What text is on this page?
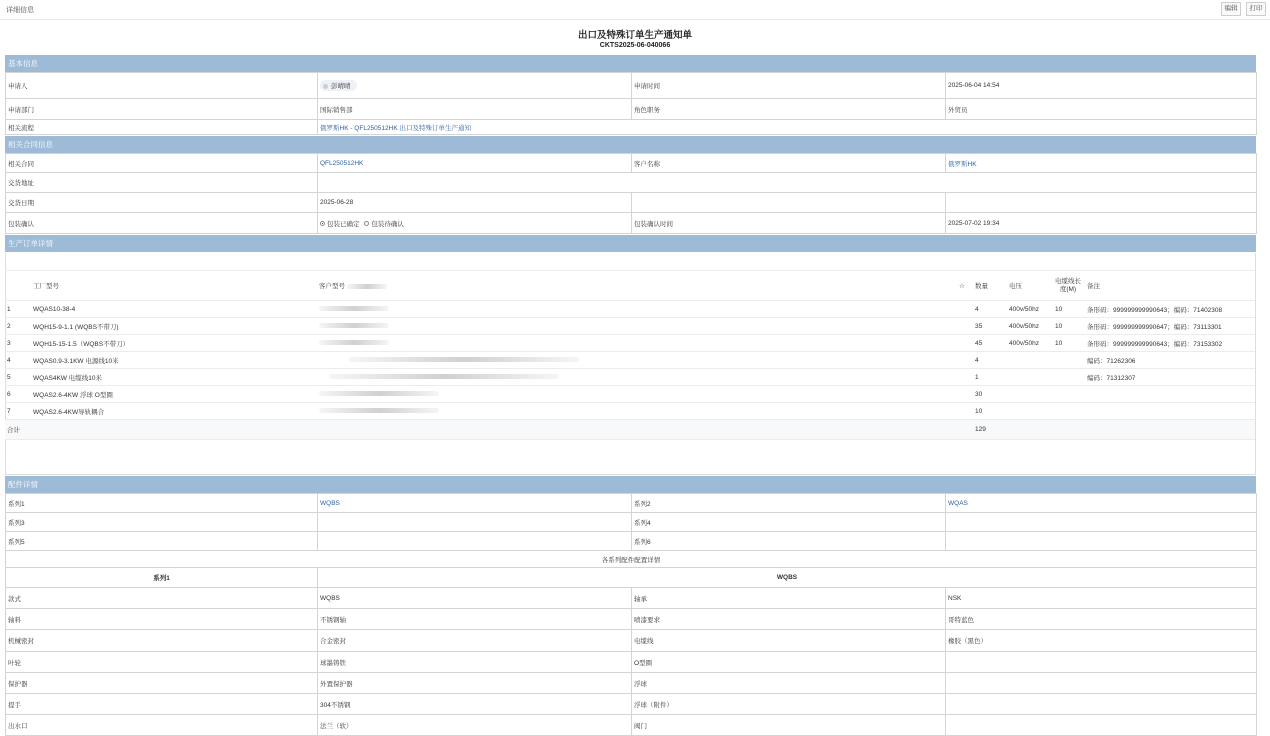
详细信息	编辑	打印
出口及特殊订单生产通知单
CKTS2025-06-040066
基本信息
申请人	彭晴晴	申请时间	2025-06-04 14:54
申请部门	国际销售部	角色职务	外贸员
相关流程	俄罗斯HK - QFL250512HK 出口及特殊订单生产通知		
相关合同信息
相关合同	QFL250512HK	客户名称	俄罗斯HK
交货地址			
交货日期	2025-06-28		
包装确认	包装已确定 包装待确认	包装确认时间	2025-07-02 19:34
生产订单详情
	工厂型号	客户型号	☆	数量	电压	电缆线长度(M)	备注
1	WQAS10-38-4			4	400v/50hz	10	条形码：999999999990643；编码：71402308
2	WQH15-9-1.1 (WQBS不带刀)			35	400v/50hz	10	条形码：999999999990647；编码：73113301
3	WQH15-15-1.5（WQBS不带刀）			45	400v/50hz	10	条形码：999999999990643；编码：73153302
4	WQAS0.9-3.1KW 电源线10米			4			编码：71262306
5	WQAS4KW 电缆线10米			1			编码：71312307
6	WQAS2.6-4KW 浮球 O型圈			30			
7	WQAS2.6-4KW导轨耦合			10			
合计				129			
配件详情
系列1	WQBS	系列2	WQAS
系列3		系列4	
系列5		系列6	
各系列配件配置详情			
系列1	WQBS		
款式	WQBS	轴承	NSK
轴料	不锈钢轴	喷漆要求	哥特蓝色
机械密封	合金密封	电缆线	橡胶（黑色）
叶轮	球墨铸铁	O型圈	
保护器	外置保护器	浮球	
提手	304不锈钢	浮球（附件）	
出水口	法兰（软）	阀门	
